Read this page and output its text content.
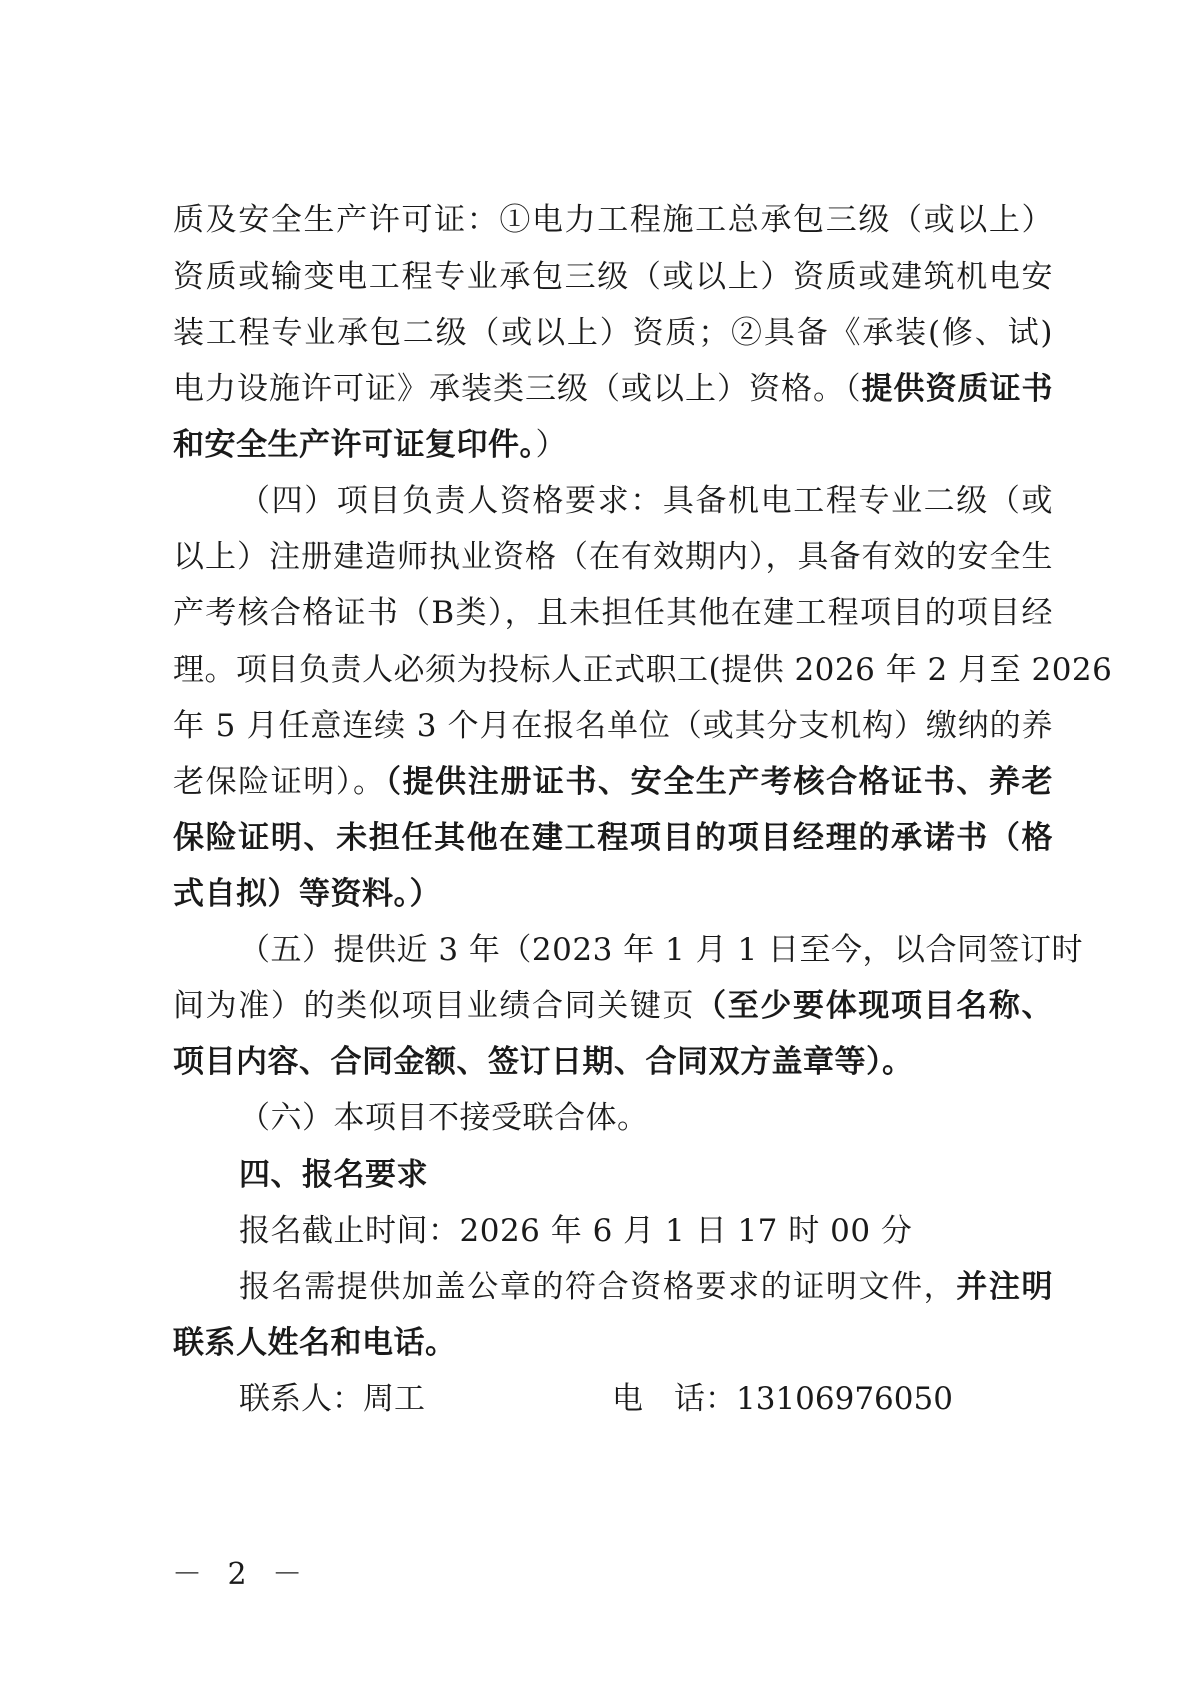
质及安全生产许可证：①电力工程施工总承包三级（或以上）
资质或输变电工程专业承包三级（或以上）资质或建筑机电安
装工程专业承包二级（或以上）资质；②具备《承装(修、试)
电力设施许可证》承装类三级（或以上）资格。（提供资质证书
和安全生产许可证复印件。）
（四）项目负责人资格要求：具备机电工程专业二级（或
以上）注册建造师执业资格（在有效期内），具备有效的安全生
产考核合格证书（B类），且未担任其他在建工程项目的项目经
理。项目负责人必须为投标人正式职工(提供 2026 年 2 月至 2026
年 5 月任意连续 3 个月在报名单位（或其分支机构）缴纳的养
老保险证明）。（提供注册证书、安全生产考核合格证书、养老
保险证明、未担任其他在建工程项目的项目经理的承诺书（格
式自拟）等资料。）
（五）提供近 3 年（2023 年 1 月 1 日至今，以合同签订时
间为准）的类似项目业绩合同关键页（至少要体现项目名称、
项目内容、合同金额、签订日期、合同双方盖章等）。
（六）本项目不接受联合体。
四、报名要求
报名截止时间：2026 年 6 月 1 日 17 时 00 分
报名需提供加盖公章的符合资格要求的证明文件，并注明
联系人姓名和电话。
联系人：周工	电　话：13106976050
－ 2 －
